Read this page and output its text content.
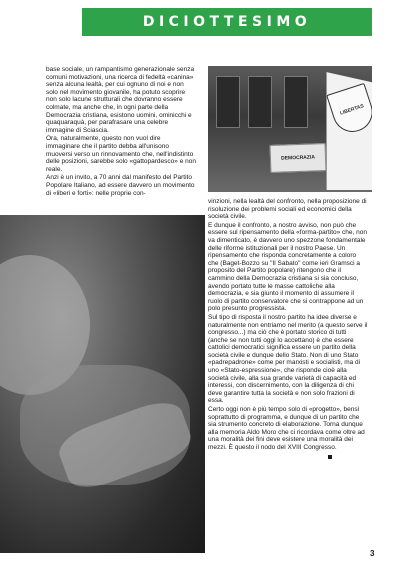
DICIOTTESIMO

base sociale, un rampantismo generazionale senza comuni motivazioni, una ricerca di fedeltà «canina» senza alcuna lealtà, per cui ognuno di noi e non solo nel movimento giovanile, ha potuto scoprire non solo lacune strutturali che dovranno essere colmate, ma anche che, in ogni parte della Democrazia cristiana, esistono uomini, ominicchi e quaquaraquà, per parafrasare una celebre immagine di Sciascia.

Ora, naturalmente, questo non vuol dire immaginare che il partito debba all'unisono muoversi verso un rinnovamento che, nell'indistinto delle posizioni, sarebbe solo «gattopardesco» e non reale.

Anzi è un invito, a 70 anni dal manifesto del Partito Popolare Italiano, ad essere davvero un movimento di «liberi e forti»: nelle proprie con-

DEMOCRAZIA
LIBERTAS

vinzioni, nella lealtà del confronto, nella proposizione di risoluzione dei problemi sociali ed economici della società civile.

E dunque il confronto, a nostro avviso, non può che essere sul ripensamento della «forma-partito» che, non va dimenticato, è davvero uno spezzone fondamentale delle riforme istituzionali per il nostro Paese. Un ripensamento che risponda concretamente a coloro che (Baget-Bozzo su "Il Sabato" come ieri Gramsci a proposito del Partito popolare) ritengono che il cammino della Democrazia cristiana si sia concluso, avendo portato tutte le masse cattoliche alla democrazia, e sia giunto il momento di assumere il ruolo di partito conservatore che si contrappone ad un polo presunto progressista.

Sul tipo di risposta il nostro partito ha idee diverse e naturalmente non entriamo nel merito (a questo serve il congresso...) ma ciò che è portato storico di tutti (anche se non tutti oggi lo accettano) è che essere cattolici democratici significa essere un partito della società civile e dunque dello Stato. Non di uno Stato «padrepadrone» come per marxisti e socialisti, ma di uno «Stato-espressione», che risponde cioè alla società civile, alla sua grande varietà di capacità ed interessi, con discernimento, con la diligenza di chi deve garantire tutta la società e non solo frazioni di essa.

Certo oggi non è più tempo solo di «progetto», bensì soprattutto di programma, e dunque di un partito che sia strumento concreto di elaborazione. Torna dunque alla memoria Aldo Moro che ci ricordava come oltre ad una moralità dei fini deve esistere una moralità dei mezzi. È questo il nodo del XVIII Congresso.

3
